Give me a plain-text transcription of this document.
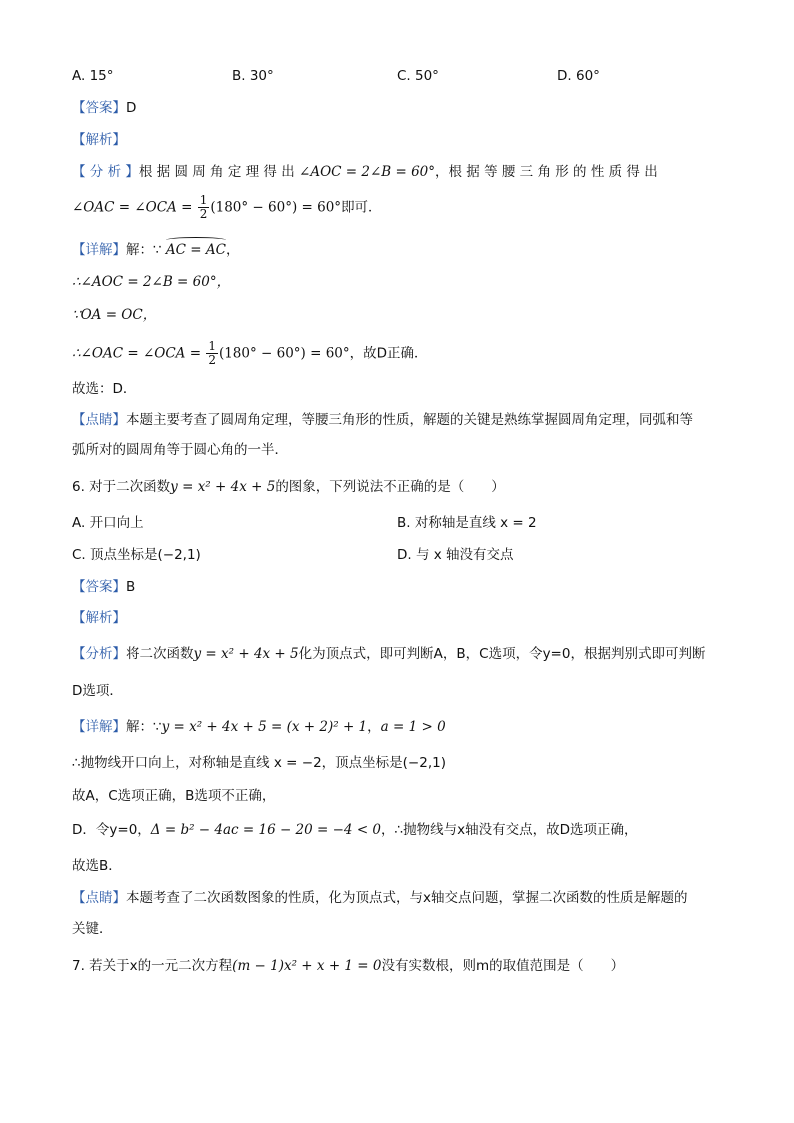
A. 15°	B. 30°	C. 50°	D. 60°
【答案】D
【解析】
【 分 析 】根 据 圆 周 角 定 理 得 出 ∠AOC = 2∠B = 60°，根 据 等 腰 三 角 形 的 性 质 得 出
∠OAC = ∠OCA = $\frac{1}{2} (180^\circ - 60^\circ) = 60^\circ$即可．
【详解】解：∵ AC = AC，
∴∠AOC = 2∠B = 60°，
∵OA = OC，
∴∠OAC = ∠OCA = $\frac{1}{2} (180^\circ - 60^\circ) = 60^\circ$，故D正确．
故选：D．
【点睛】本题主要考查了圆周角定理，等腰三角形的性质，解题的关键是熟练掌握圆周角定理，同弧和等
弧所对的圆周角等于圆心角的一半．
6. 对于二次函数y = x² + 4x + 5的图象，下列说法不正确的是（　　）
A. 开口向上	B. 对称轴是直线 x = 2
C. 顶点坐标是(−2,1)	D. 与 x 轴没有交点
【答案】B
【解析】
【分析】将二次函数y = x² + 4x + 5化为顶点式，即可判断A，B，C选项，令y=0，根据判别式即可判断
D选项．
【详解】解：∵y = x² + 4x + 5 = (x + 2)² + 1，a = 1 > 0
∴抛物线开口向上，对称轴是直线 x = −2，顶点坐标是(−2,1)
故A，C选项正确，B选项不正确，
D．令y=0，Δ = b² − 4ac = 16 − 20 = −4 < 0，∴抛物线与x轴没有交点，故D选项正确，
故选B．
【点睛】本题考查了二次函数图象的性质，化为顶点式，与x轴交点问题，掌握二次函数的性质是解题的
关键．
7. 若关于x的一元二次方程(m − 1)x² + x + 1 = 0没有实数根，则m的取值范围是（　　）
